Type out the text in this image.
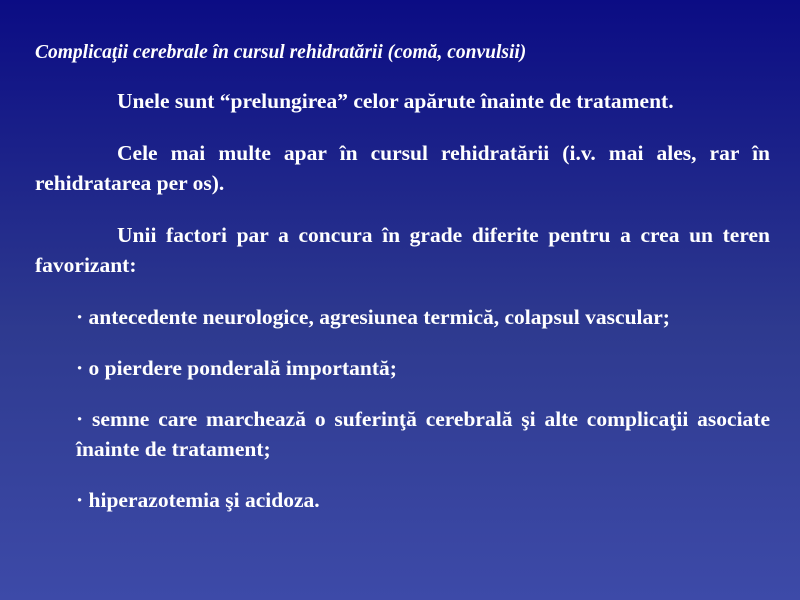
Complicaţii cerebrale în cursul rehidratării (comă, convulsii)
Unele sunt “prelungirea” celor apărute înainte de tratament.
Cele mai multe apar în cursul rehidratării (i.v. mai ales, rar în rehidratarea per os).
Unii factori par a concura în grade diferite pentru a crea un teren favorizant:
· antecedente neurologice, agresiunea termică, colapsul vascular;
· o pierdere ponderală importantă;
· semne care marchează o suferinţă cerebrală şi alte complicaţii asociate înainte de tratament;
· hiperazotemia şi acidoza.
